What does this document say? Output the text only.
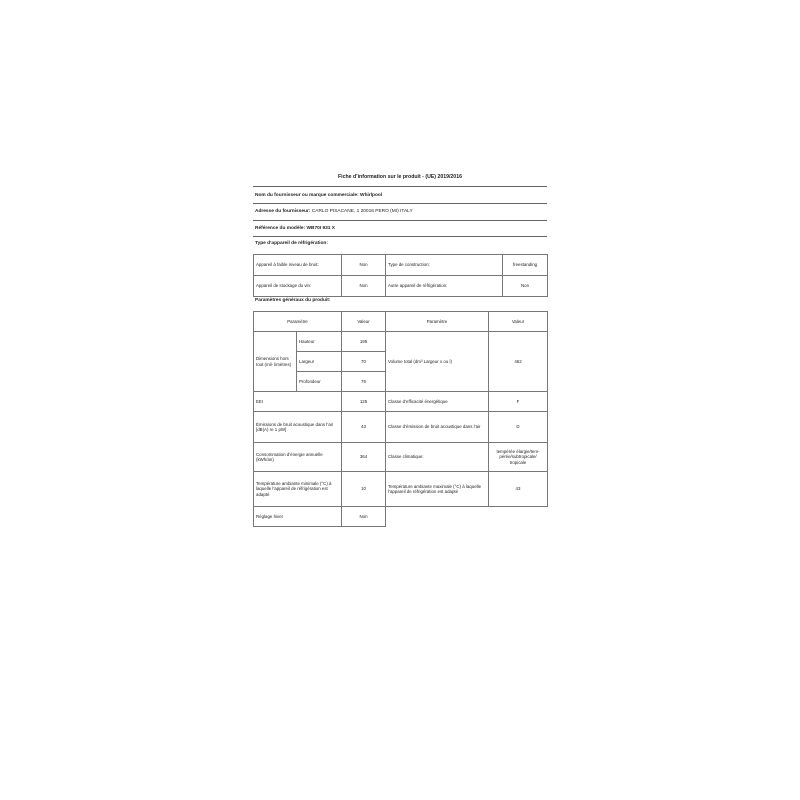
Fiche d’information sur le produit - (UE) 2019/2016
Nom du fournisseur ou marque commerciale: Whirlpool
Adresse du fournisseur: CARLO PISACANE, 1 20016 PERO (MI) ITALY
Référence du modèle: WB70I 931 X
Type d’appareil de réfrigération:
Appareil à faible niveau de bruit:	Non	Type de construction:	freestanding
Appareil de stockage du vin:	Non	Autre appareil de réfrigération:	Non
Paramètres généraux du produit:
Paramètre		Valeur	Paramètre	Valeur
Dimensions hors tout (mil- limètres)	Hauteur	195	Volume total (dm³ Largeur x ou l)	462
	Largeur	70		
	Profondeur	76		
EEI		125	Classe d’efficacité énergétique	F
Émissions de bruit acoustique dans l’air [dB(A) re 1 pW]		43	Classe d’émission de bruit acoustique dans l’air	D
Consommation d’énergie annuelle (kWh/an)		364	Classe climatique:	tempérée élargie/tem- pérée/subtropicale/ tropicale
Température ambiante minimale (°C) à laquelle l’appareil de réfrigération est adapté		10	Température ambiante maximale (°C) à laquelle l’appareil de réfrigération est adapté	43
Réglage hiver		Non		
